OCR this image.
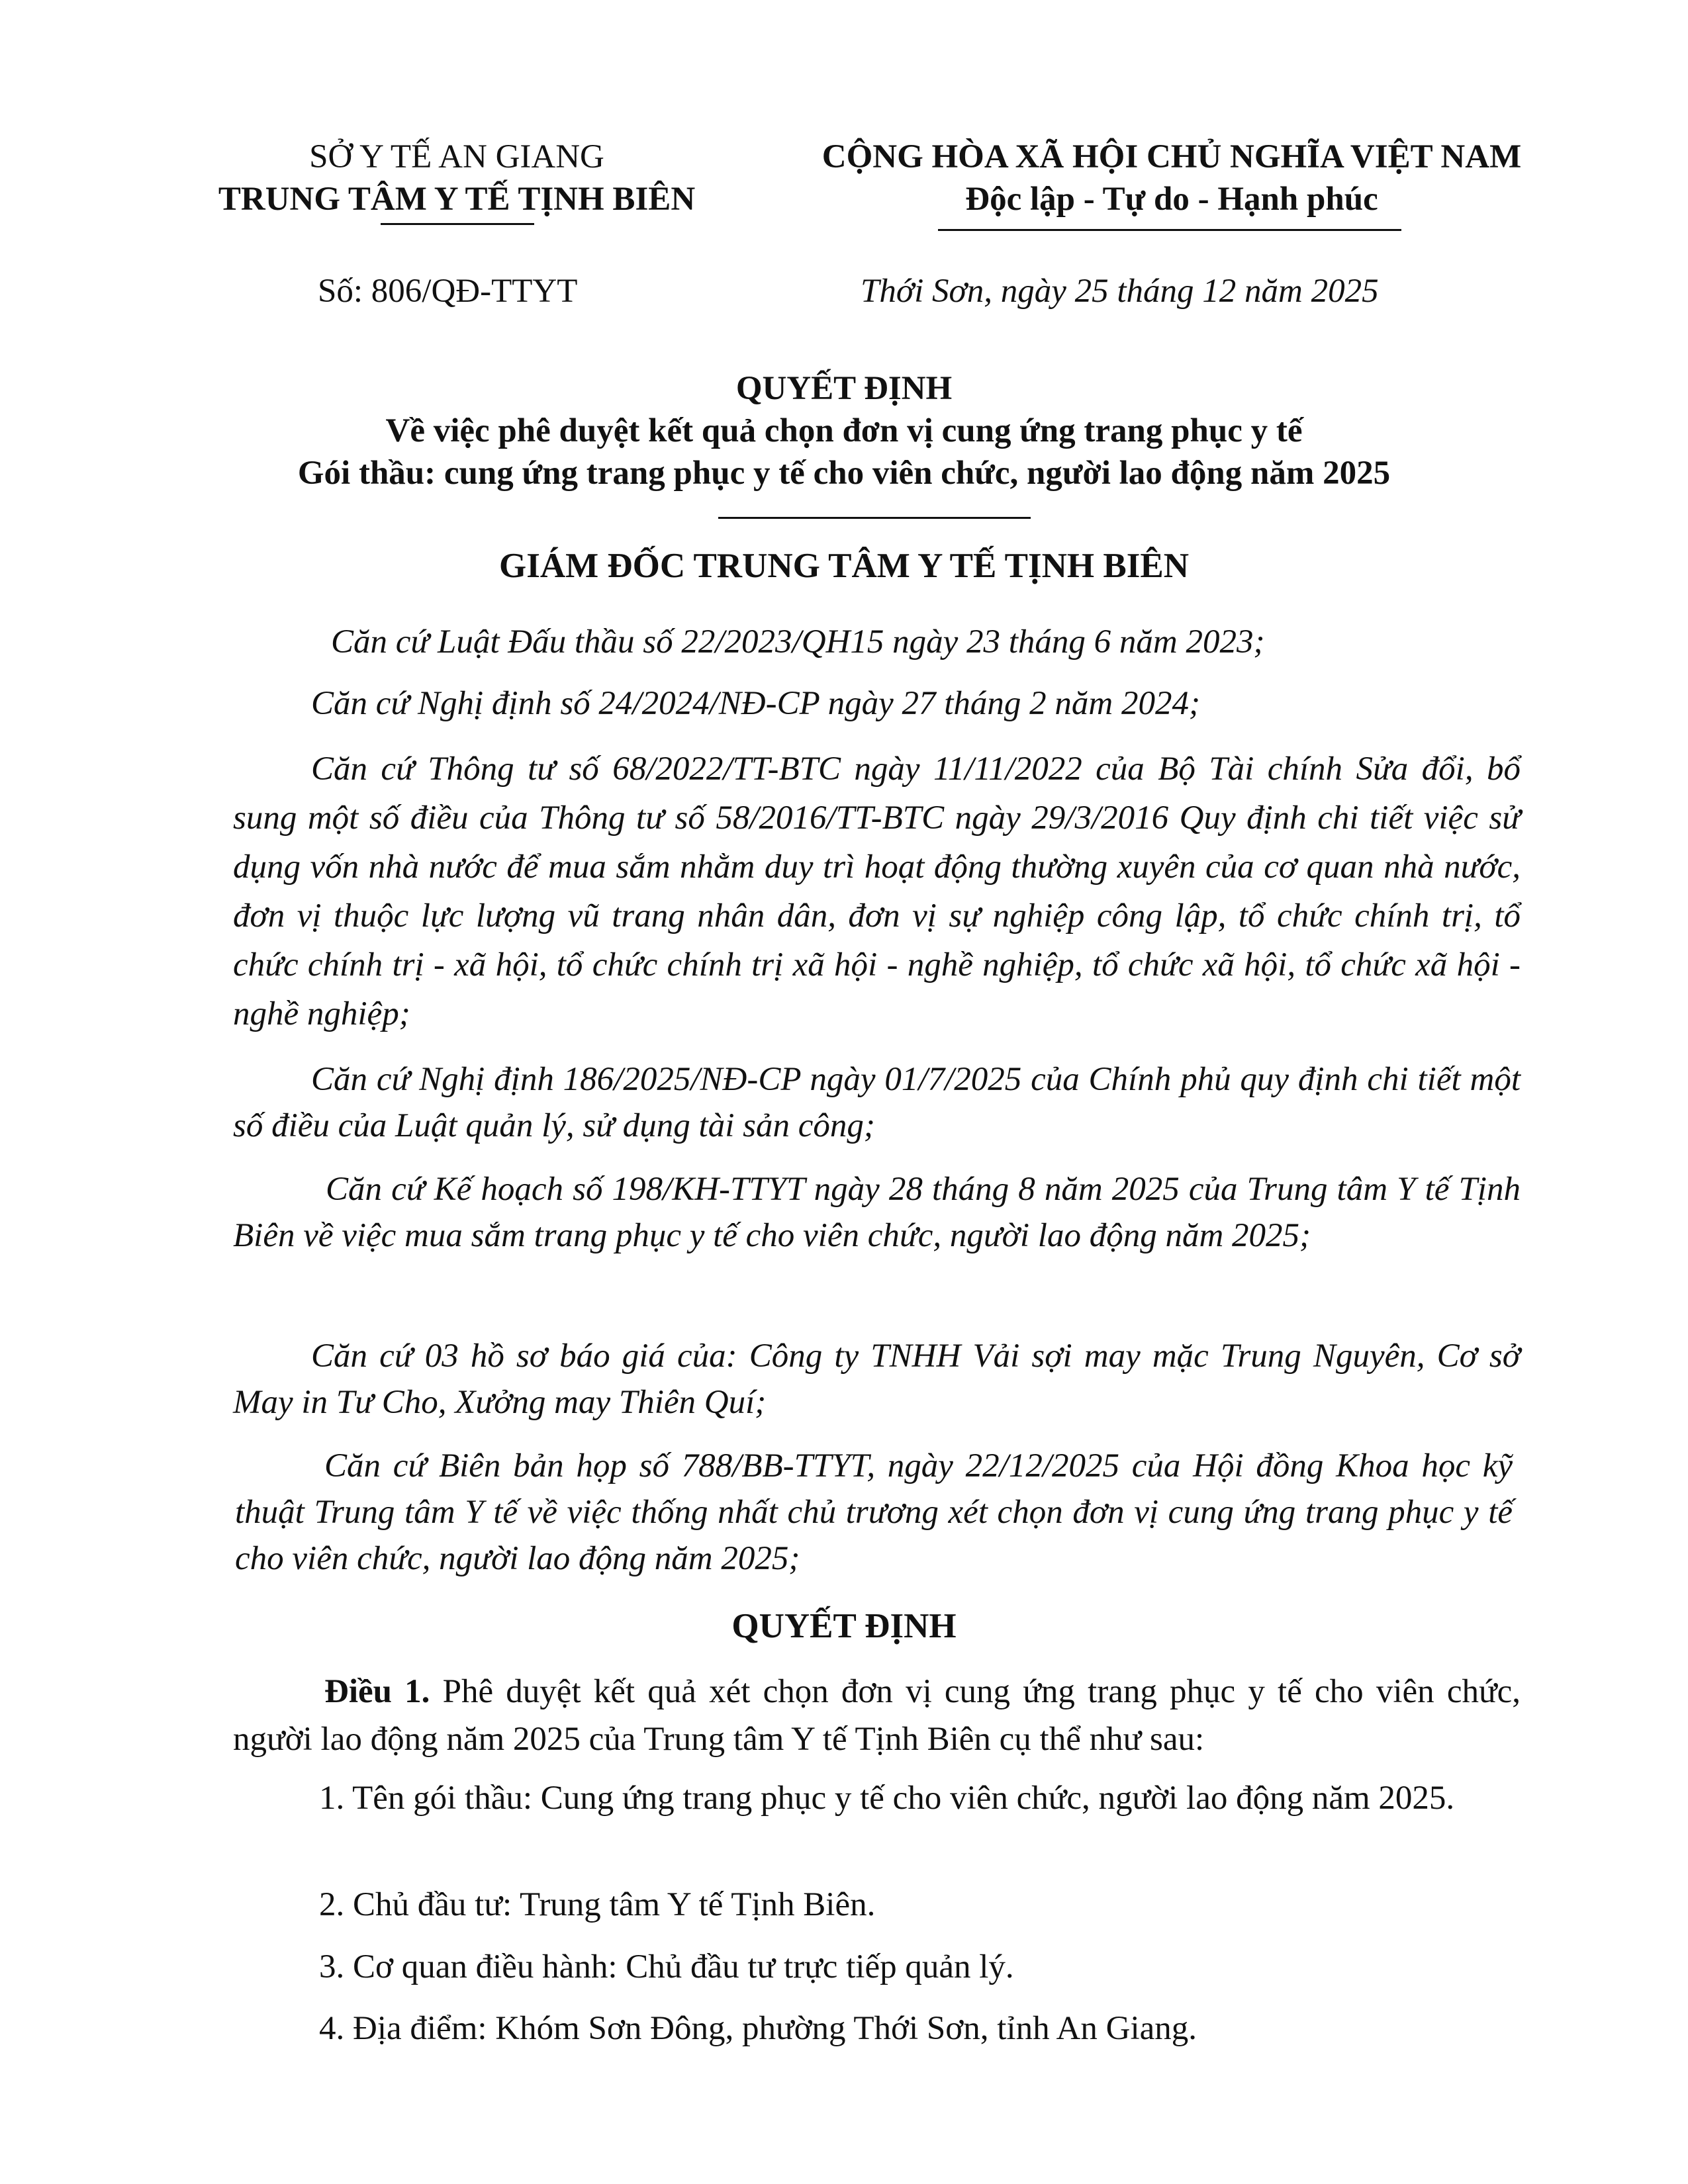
SỞ Y TẾ AN GIANG
TRUNG TÂM Y TẾ TỊNH BIÊN
CỘNG HÒA XÃ HỘI CHỦ NGHĨA VIỆT NAM
Độc lập - Tự do - Hạnh phúc
Số: 806/QĐ-TTYT	Thới Sơn, ngày 25 tháng 12 năm 2025
QUYẾT ĐỊNH
Về việc phê duyệt kết quả chọn đơn vị cung ứng trang phục y tế
Gói thầu: cung ứng trang phục y tế cho viên chức, người lao động năm 2025
GIÁM ĐỐC TRUNG TÂM Y TẾ TỊNH BIÊN
Căn cứ Luật Đấu thầu số 22/2023/QH15 ngày 23 tháng 6 năm 2023;
Căn cứ Nghị định số 24/2024/NĐ-CP ngày 27 tháng 2 năm 2024;
Căn cứ Thông tư số 68/2022/TT-BTC ngày 11/11/2022 của Bộ Tài chính Sửa đổi, bổ sung một số điều của Thông tư số 58/2016/TT-BTC ngày 29/3/2016 Quy định chi tiết việc sử dụng vốn nhà nước để mua sắm nhằm duy trì hoạt động thường xuyên của cơ quan nhà nước, đơn vị thuộc lực lượng vũ trang nhân dân, đơn vị sự nghiệp công lập, tổ chức chính trị, tổ chức chính trị - xã hội, tổ chức chính trị xã hội - nghề nghiệp, tổ chức xã hội, tổ chức xã hội - nghề nghiệp;
Căn cứ Nghị định 186/2025/NĐ-CP ngày 01/7/2025 của Chính phủ quy định chi tiết một số điều của Luật quản lý, sử dụng tài sản công;
Căn cứ Kế hoạch số 198/KH-TTYT ngày 28 tháng 8 năm 2025 của Trung tâm Y tế Tịnh Biên về việc mua sắm trang phục y tế cho viên chức, người lao động năm 2025;
Căn cứ 03 hồ sơ báo giá của: Công ty TNHH Vải sợi may mặc Trung Nguyên, Cơ sở May in Tư Cho, Xưởng may Thiên Quí;
Căn cứ Biên bản họp số 788/BB-TTYT, ngày 22/12/2025 của Hội đồng Khoa học kỹ thuật Trung tâm Y tế về việc thống nhất chủ trương xét chọn đơn vị cung ứng trang phục y tế cho viên chức, người lao động năm 2025;
QUYẾT ĐỊNH
Điều 1. Phê duyệt kết quả xét chọn đơn vị cung ứng trang phục y tế cho viên chức, người lao động năm 2025 của Trung tâm Y tế Tịnh Biên cụ thể như sau:
1. Tên gói thầu: Cung ứng trang phục y tế cho viên chức, người lao động năm 2025.
2. Chủ đầu tư: Trung tâm Y tế Tịnh Biên.
3. Cơ quan điều hành: Chủ đầu tư trực tiếp quản lý.
4. Địa điểm: Khóm Sơn Đông, phường Thới Sơn, tỉnh An Giang.
